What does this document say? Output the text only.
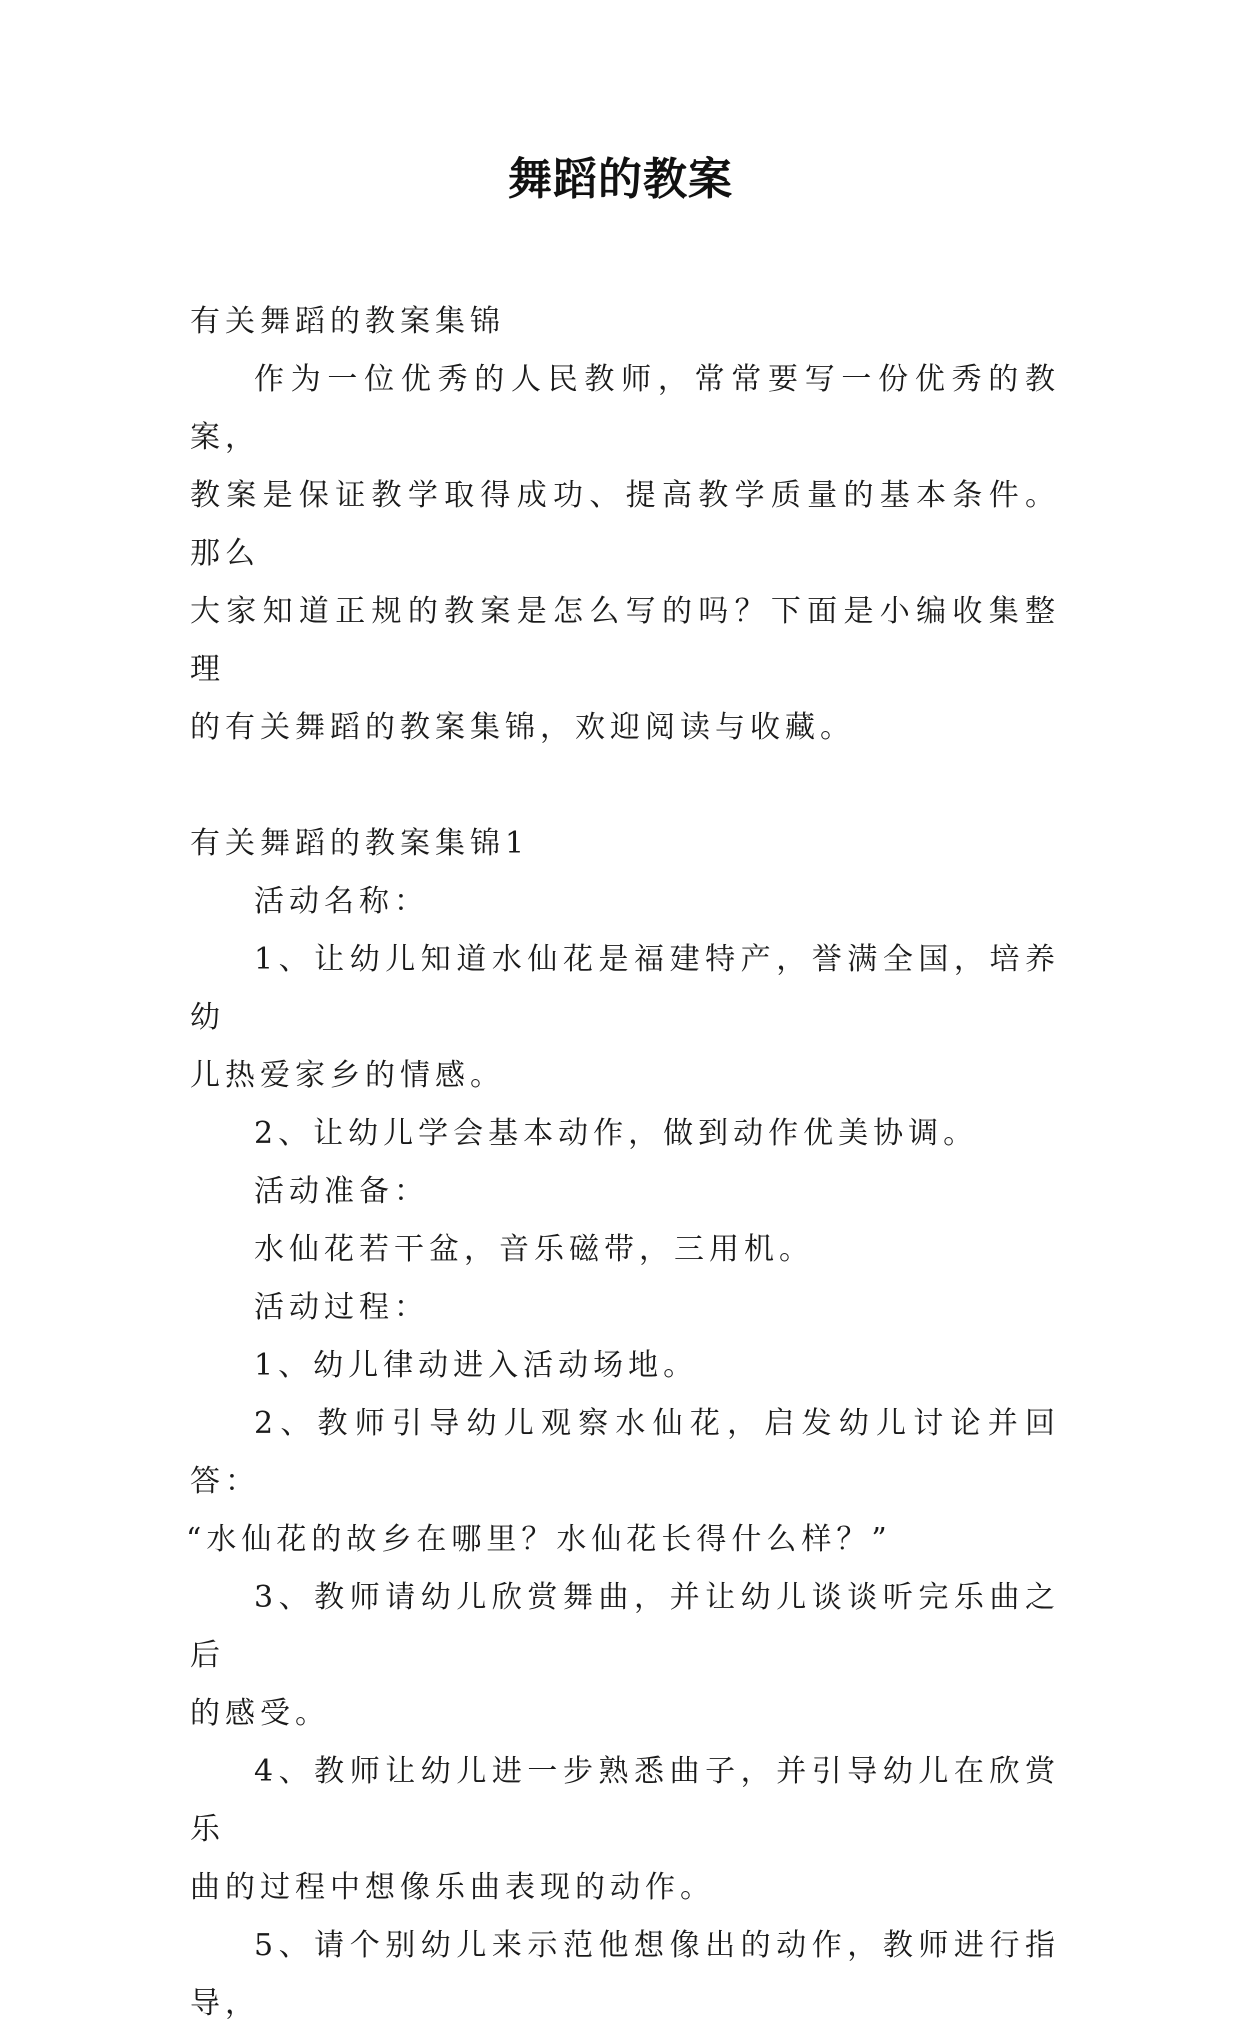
舞蹈的教案

有关舞蹈的教案集锦

作为一位优秀的人民教师，常常要写一份优秀的教案，

教案是保证教学取得成功、提高教学质量的基本条件。那么

大家知道正规的教案是怎么写的吗？下面是小编收集整理

的有关舞蹈的教案集锦，欢迎阅读与收藏。

有关舞蹈的教案集锦1

活动名称：

1、让幼儿知道水仙花是福建特产，誉满全国，培养幼

儿热爱家乡的情感。

2、让幼儿学会基本动作，做到动作优美协调。

活动准备：

水仙花若干盆，音乐磁带，三用机。

活动过程：

1、幼儿律动进入活动场地。

2、教师引导幼儿观察水仙花，启发幼儿讨论并回答：

“水仙花的故乡在哪里？水仙花长得什么样？”

3、教师请幼儿欣赏舞曲，并让幼儿谈谈听完乐曲之后

的感受。

4、教师让幼儿进一步熟悉曲子，并引导幼儿在欣赏乐

曲的过程中想像乐曲表现的动作。

5、请个别幼儿来示范他想像出的动作，教师进行指导，
